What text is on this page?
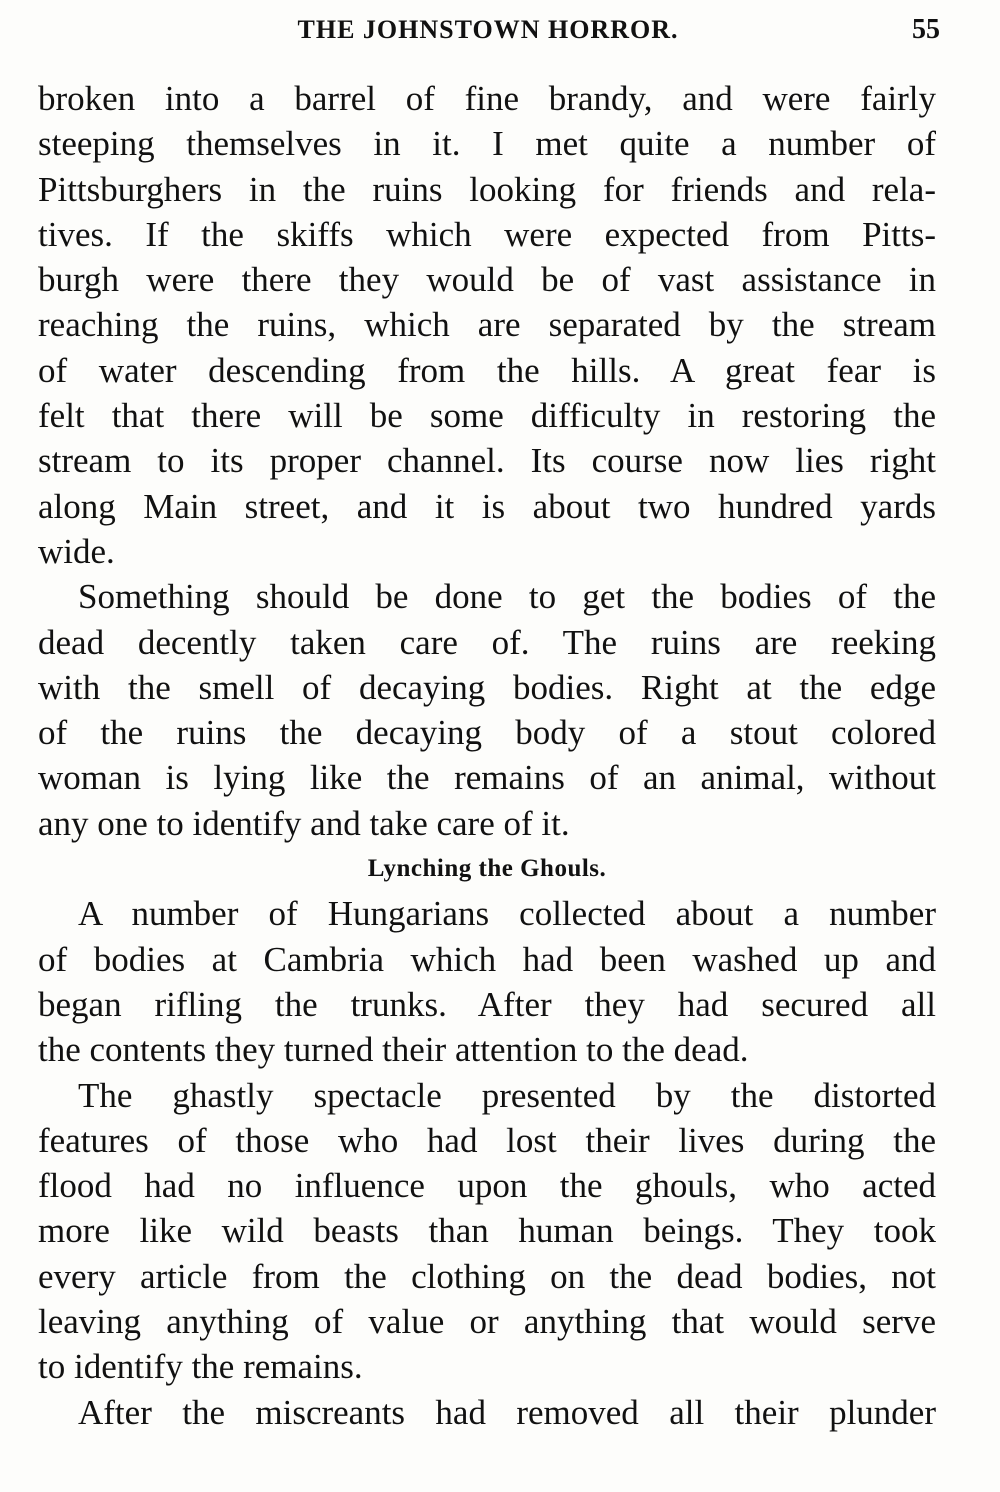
THE JOHNSTOWN HORROR.	55
broken into a barrel of fine brandy, and were fairly
steeping themselves in it. I met quite a number of
Pittsburghers in the ruins looking for friends and rela-
tives. If the skiffs which were expected from Pitts-
burgh were there they would be of vast assistance in
reaching the ruins, which are separated by the stream
of water descending from the hills. A great fear is
felt that there will be some difficulty in restoring the
stream to its proper channel. Its course now lies right
along Main street, and it is about two hundred yards
wide.
Something should be done to get the bodies of the
dead decently taken care of. The ruins are reeking
with the smell of decaying bodies. Right at the edge
of the ruins the decaying body of a stout colored
woman is lying like the remains of an animal, without
any one to identify and take care of it.
Lynching the Ghouls.
A number of Hungarians collected about a number
of bodies at Cambria which had been washed up and
began rifling the trunks. After they had secured all
the contents they turned their attention to the dead.
The ghastly spectacle presented by the distorted
features of those who had lost their lives during the
flood had no influence upon the ghouls, who acted
more like wild beasts than human beings. They took
every article from the clothing on the dead bodies, not
leaving anything of value or anything that would serve
to identify the remains.
After the miscreants had removed all their plunder
